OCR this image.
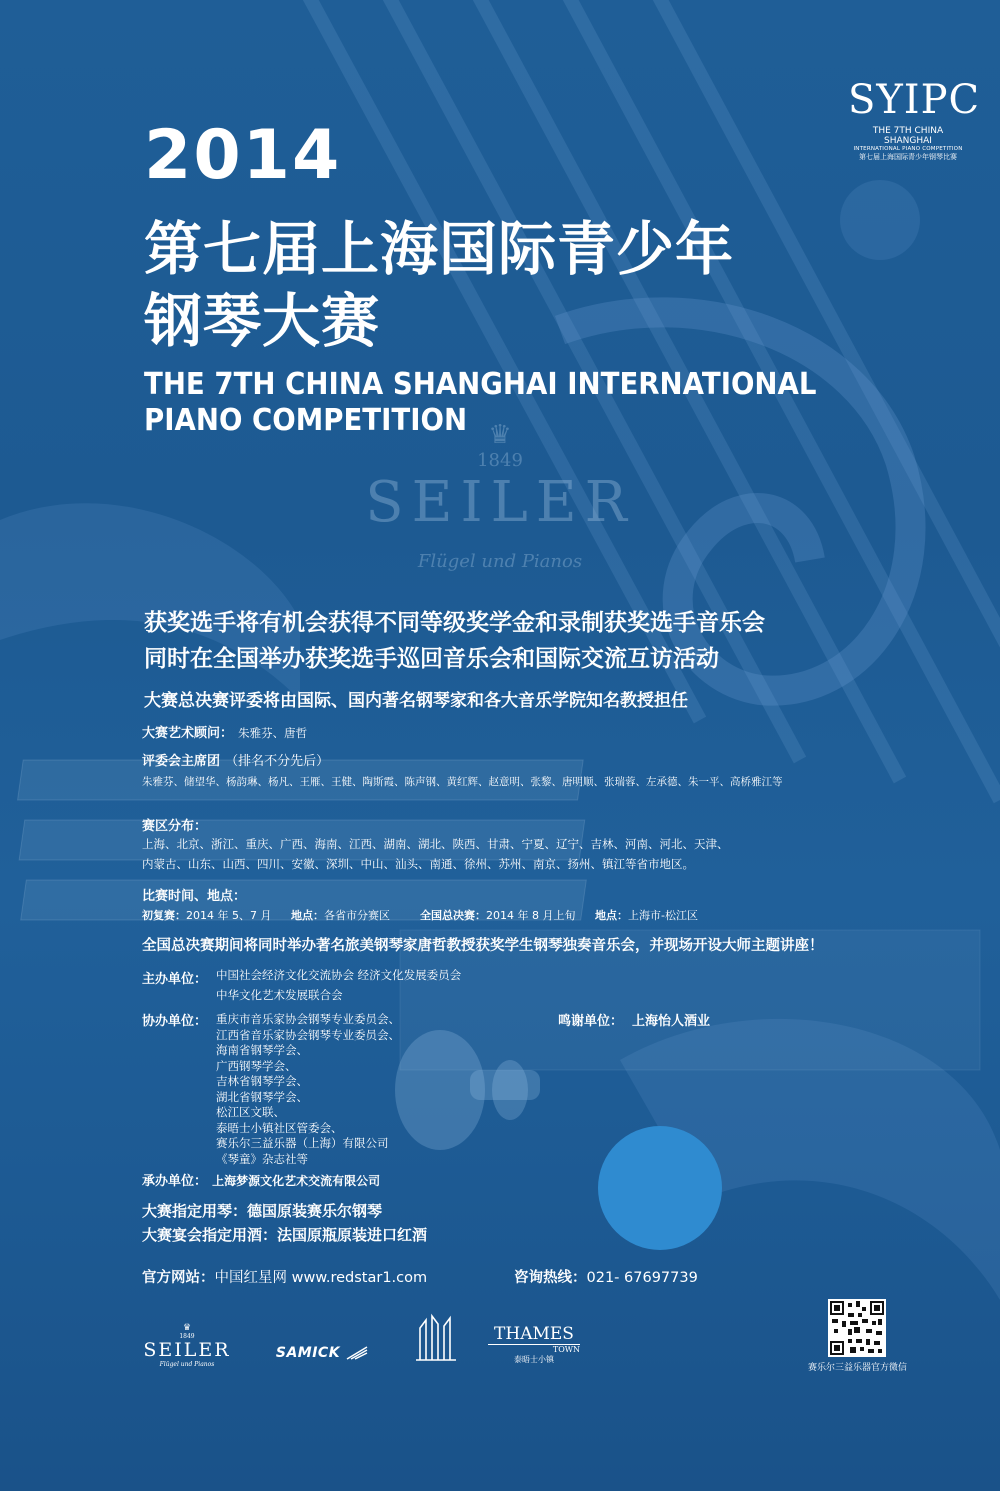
SYIPC
THE 7TH CHINA SHANGHAI
INTERNATIONAL PIANO COMPETITION
第七届上海国际青少年钢琴比赛
2014
第七届上海国际青少年
钢琴大赛
THE 7TH CHINA SHANGHAI INTERNATIONAL
PIANO COMPETITION ♛
1849
SEILER
Flügel und Pianos
获奖选手将有机会获得不同等级奖学金和录制获奖选手音乐会
同时在全国举办获奖选手巡回音乐会和国际交流互访活动
大赛总决赛评委将由国际、国内著名钢琴家和各大音乐学院知名教授担任
大赛艺术顾问： 朱雅芬、唐哲
评委会主席团 （排名不分先后）
朱雅芬、储望华、杨韵琳、杨凡、王雁、王健、陶斯霞、陈声钢、黄红辉、赵意明、张黎、唐明顺、张瑞蓉、左承德、朱一平、高桥雅江等
赛区分布：
上海、北京、浙江、重庆、广西、海南、江西、湖南、湖北、陕西、甘肃、宁夏、辽宁、吉林、河南、河北、天津、
内蒙古、山东、山西、四川、安徽、深圳、中山、汕头、南通、徐州、苏州、南京、扬州、镇江等省市地区。
比赛时间、地点：
初复赛：2014 年 5、7 月 地点：各省市分赛区	全国总决赛：2014 年 8 月上旬 地点：上海市-松江区
全国总决赛期间将同时举办著名旅美钢琴家唐哲教授获奖学生钢琴独奏音乐会，并现场开设大师主题讲座！
主办单位： 中国社会经济文化交流协会 经济文化发展委员会
中华文化艺术发展联合会
协办单位： 重庆市音乐家协会钢琴专业委员会、
江西省音乐家协会钢琴专业委员会、
海南省钢琴学会、
广西钢琴学会、
吉林省钢琴学会、
湖北省钢琴学会、
松江区文联、
泰晤士小镇社区管委会、
赛乐尔三益乐器（上海）有限公司
《琴童》杂志社等
鸣谢单位： 上海怡人酒业
承办单位： 上海梦源文化艺术交流有限公司
大赛指定用琴：德国原装赛乐尔钢琴
大赛宴会指定用酒：法国原瓶原装进口红酒
官方网站：中国红星网 www.redstar1.com	咨询热线：021- 67697739
♛
1849
SEILER
Flügel und Pianos
SAMICK
THAMES
TOWN
泰晤士小镇
赛乐尔三益乐器官方微信
